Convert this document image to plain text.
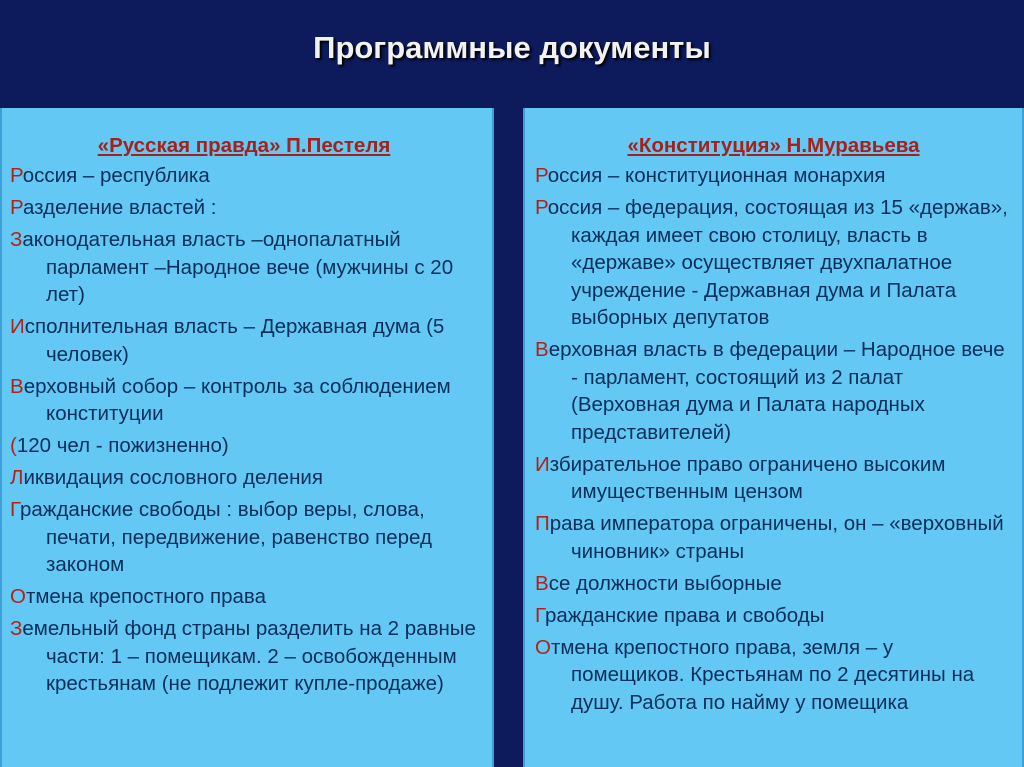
Программные документы
«Русская правда» П.Пестеля
Россия – республика
Разделение властей :
Законодательная власть –однопалатный парламент –Народное вече (мужчины с 20 лет)
Исполнительная власть – Державная дума (5 человек)
Верховный собор – контроль за соблюдением конституции
(120 чел - пожизненно)
Ликвидация сословного деления
Гражданские свободы : выбор веры, слова, печати, передвижение, равенство перед законом
Отмена крепостного права
Земельный фонд страны разделить на 2 равные части: 1 – помещикам. 2 – освобожденным крестьянам (не подлежит купле-продаже)
«Конституция» Н.Муравьева
Россия – конституционная монархия
Россия – федерация, состоящая из 15 «держав», каждая имеет свою столицу, власть в «державе» осуществляет двухпалатное учреждение - Державная дума и Палата выборных депутатов
Верховная власть в федерации – Народное вече - парламент, состоящий из 2 палат (Верховная дума и Палата народных представителей)
Избирательное право ограничено высоким имущественным цензом
Права императора ограничены, он – «верховный чиновник» страны
Все должности выборные
Гражданские права и свободы
Отмена крепостного права, земля – у помещиков. Крестьянам по 2 десятины на душу. Работа по найму у помещика
